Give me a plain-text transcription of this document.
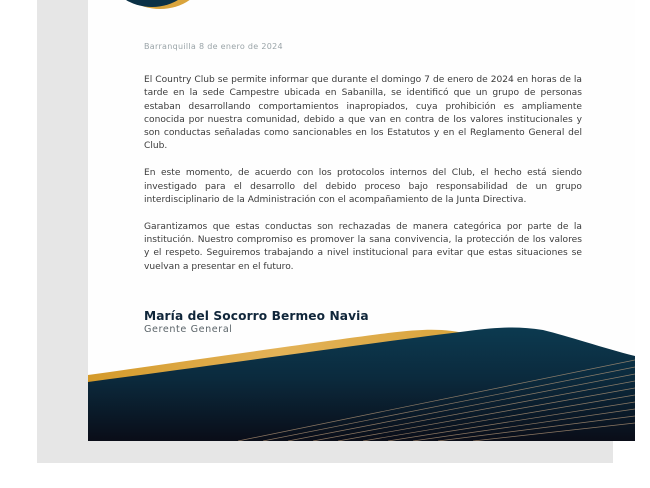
Barranquilla 8 de enero de 2024

El Country Club se permite informar que durante el domingo 7 de enero de 2024 en horas de la tarde en la sede Campestre ubicada en Sabanilla, se identificó que un grupo de personas estaban desarrollando comportamientos inapropiados, cuya prohibición es ampliamente conocida por nuestra comunidad, debido a que van en contra de los valores institucionales y son conductas señaladas como sancionables en los Estatutos y en el Reglamento General del Club.

En este momento, de acuerdo con los protocolos internos del Club, el hecho está siendo investigado para el desarrollo del debido proceso bajo responsabilidad de un grupo interdisciplinario de la Administración con el acompañamiento de la Junta Directiva.

Garantizamos que estas conductas son rechazadas de manera categórica por parte de la institución. Nuestro compromiso es promover la sana convivencia, la protección de los valores y el respeto. Seguiremos trabajando a nivel institucional para evitar que estas situaciones se vuelvan a presentar en el futuro.

María del Socorro Bermeo Navia
Gerente General
